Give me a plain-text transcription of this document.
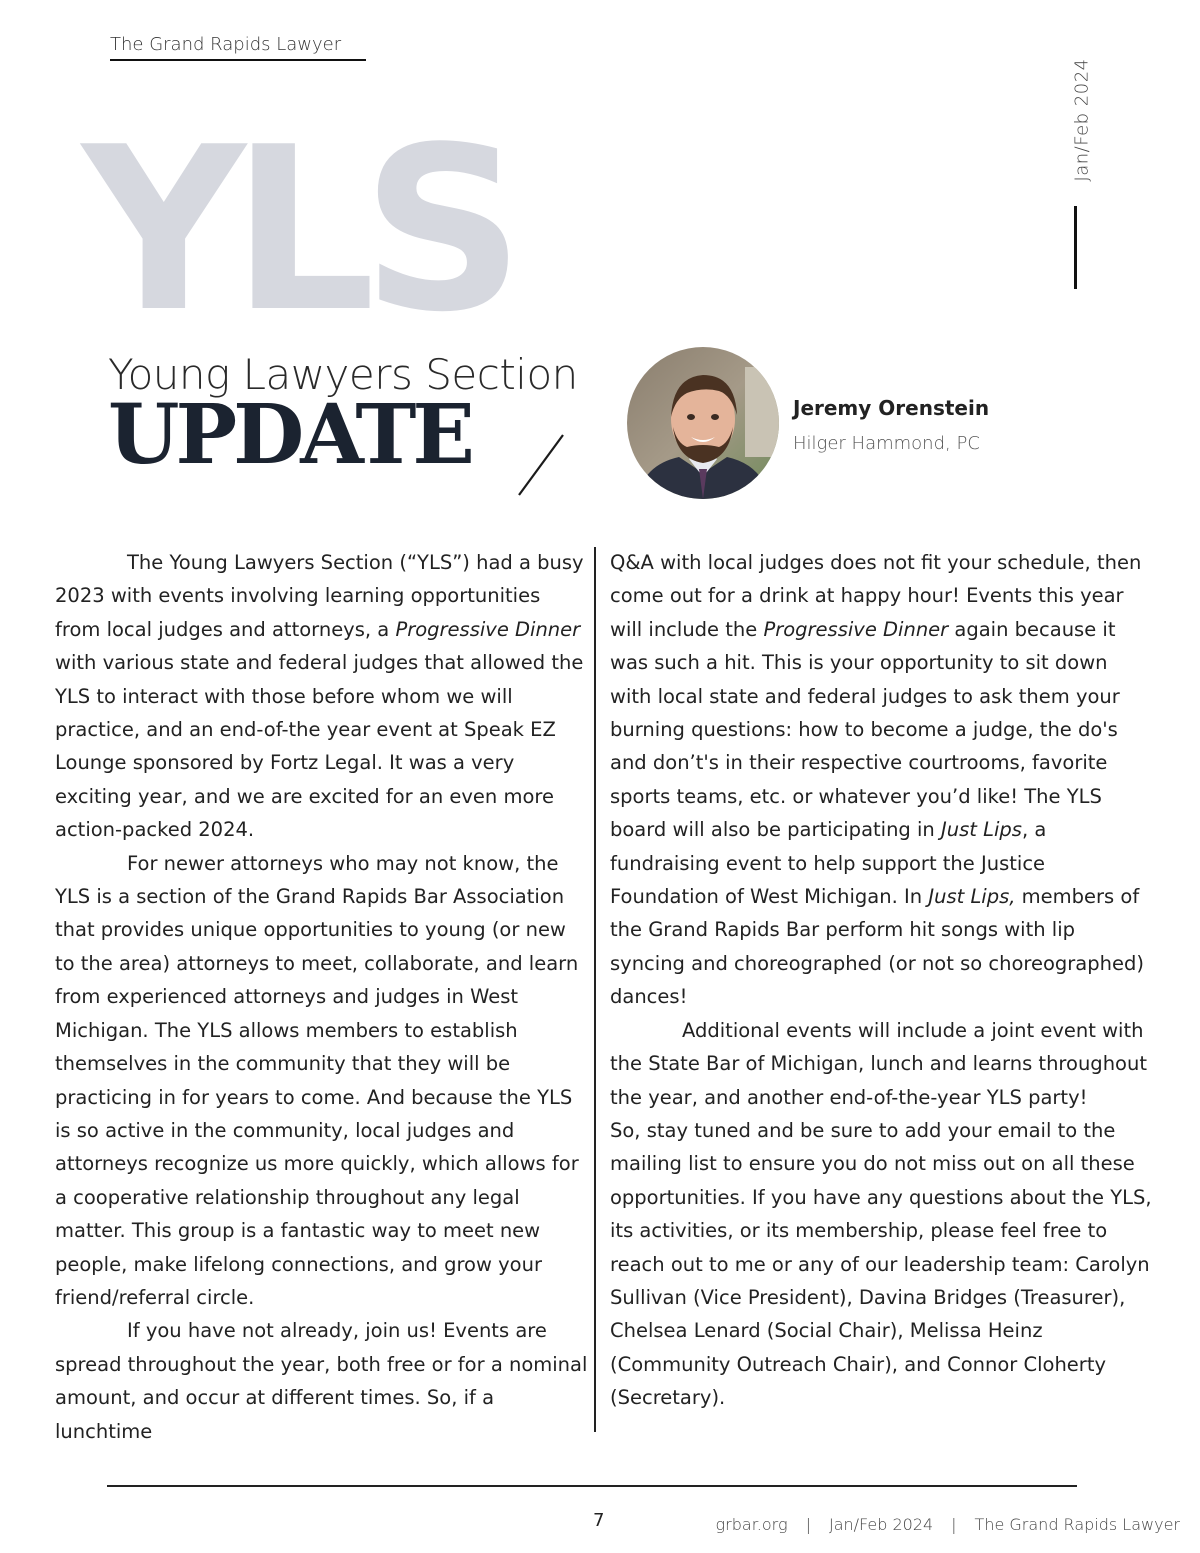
The Grand Rapids Lawyer
Jan/Feb 2024
YLS
Young Lawyers Section
UPDATE	Jeremy Orenstein
Hilger Hammond, PC

The Young Lawyers Section (“YLS”) had a busy 2023 with events involving learning opportunities from local judges and attorneys, a Progressive Dinner with various state and federal judges that allowed the YLS to interact with those before whom we will practice, and an end-of-the year event at Speak EZ Lounge sponsored by Fortz Legal. It was a very exciting year, and we are excited for an even more action-packed 2024.

For newer attorneys who may not know, the YLS is a section of the Grand Rapids Bar Association that provides unique opportunities to young (or new to the area) attorneys to meet, collaborate, and learn from experienced attorneys and judges in West Michigan. The YLS allows members to establish themselves in the community that they will be practicing in for years to come. And because the YLS is so active in the community, local judges and attorneys recognize us more quickly, which allows for a cooperative relationship throughout any legal matter. This group is a fantastic way to meet new people, make lifelong connections, and grow your friend/referral circle.

If you have not already, join us! Events are spread throughout the year, both free or for a nominal amount, and occur at different times. So, if a lunchtime

Q&A with local judges does not fit your schedule, then come out for a drink at happy hour! Events this year will include the Progressive Dinner again because it was such a hit. This is your opportunity to sit down with local state and federal judges to ask them your burning questions: how to become a judge, the do's and don’t's in their respective courtrooms, favorite sports teams, etc. or whatever you’d like! The YLS board will also be participating in Just Lips, a fundraising event to help support the Justice Foundation of West Michigan. In Just Lips, members of the Grand Rapids Bar perform hit songs with lip syncing and choreographed (or not so choreographed) dances!

Additional events will include a joint event with the State Bar of Michigan, lunch and learns throughout the year, and another end-of-the-year YLS party!

So, stay tuned and be sure to add your email to the mailing list to ensure you do not miss out on all these opportunities. If you have any questions about the YLS, its activities, or its membership, please feel free to reach out to me or any of our leadership team: Carolyn Sullivan (Vice President), Davina Bridges (Treasurer), Chelsea Lenard (Social Chair), Melissa Heinz (Community Outreach Chair), and Connor Cloherty (Secretary).

7	grbar.org | Jan/Feb 2024 | The Grand Rapids Lawyer
